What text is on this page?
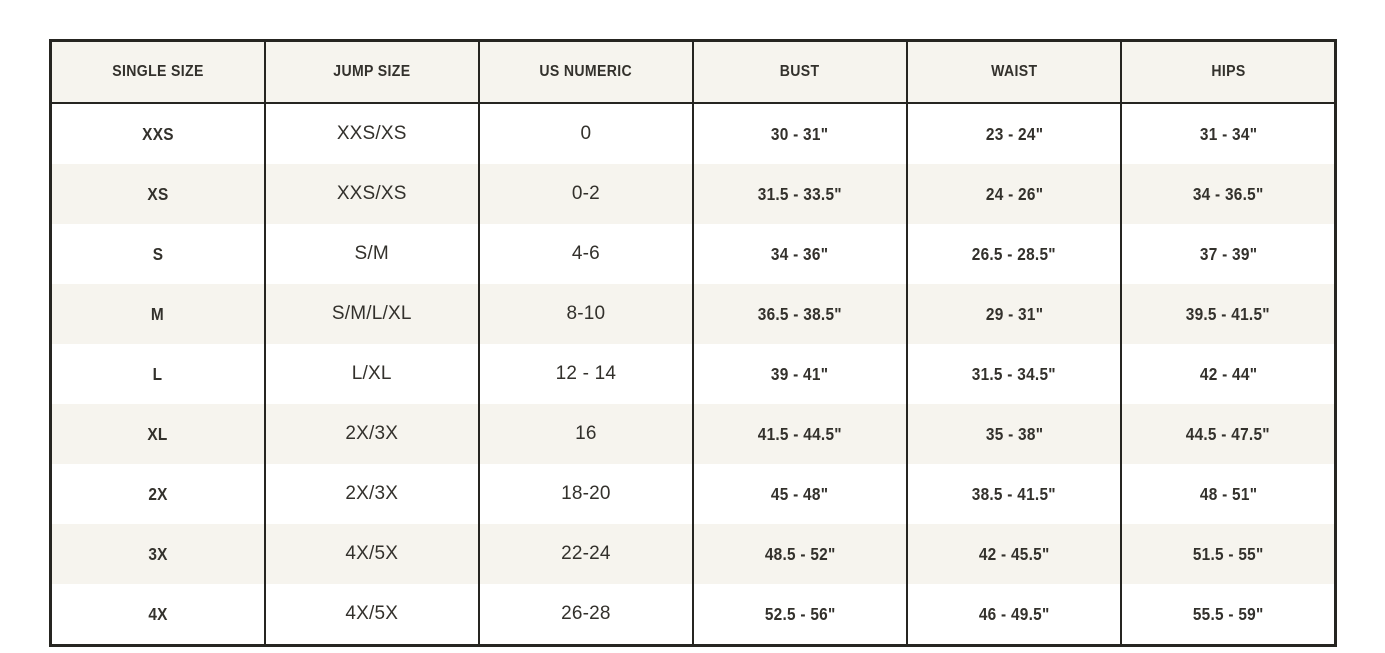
SINGLE SIZE	JUMP SIZE	US NUMERIC	BUST	WAIST	HIPS
XXS	XXS/XS	0	30 - 31"	23 - 24"	31 - 34"
XS	XXS/XS	0-2	31.5 - 33.5"	24 - 26"	34 - 36.5"
S	S/M	4-6	34 - 36"	26.5 - 28.5"	37 - 39"
M	S/M/L/XL	8-10	36.5 - 38.5"	29 - 31"	39.5 - 41.5"
L	L/XL	12 - 14	39 - 41"	31.5 - 34.5"	42 - 44"
XL	2X/3X	16	41.5 - 44.5"	35 - 38"	44.5 - 47.5"
2X	2X/3X	18-20	45 - 48"	38.5 - 41.5"	48 - 51"
3X	4X/5X	22-24	48.5 - 52"	42 - 45.5"	51.5 - 55"
4X	4X/5X	26-28	52.5 - 56"	46 - 49.5"	55.5 - 59"
